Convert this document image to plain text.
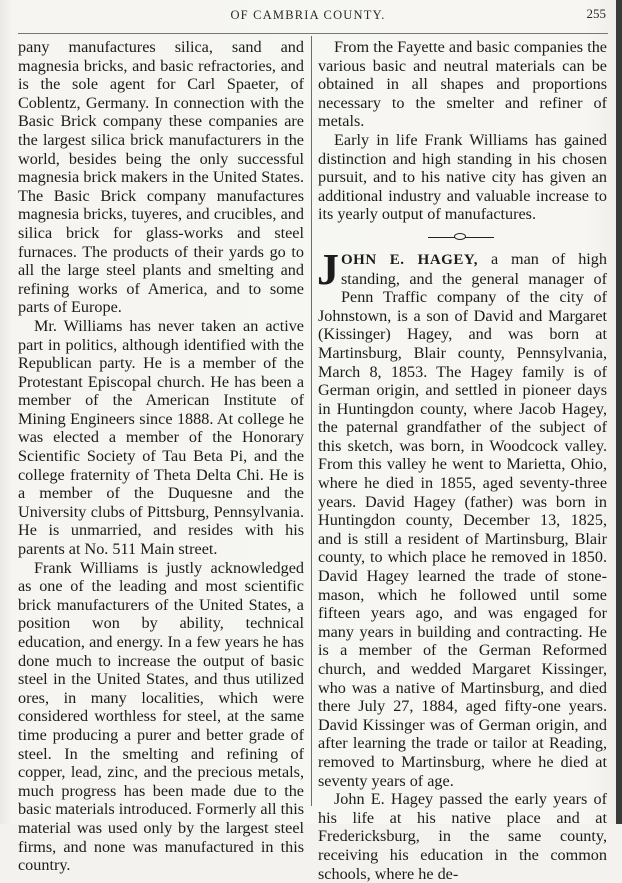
OF CAMBRIA COUNTY.	255

pany manufactures silica, sand and magnesia bricks, and basic refractories, and is the sole agent for Carl Spaeter, of Coblentz, Germany. In connection with the Basic Brick company these companies are the largest silica brick manufacturers in the world, besides being the only successful magnesia brick makers in the United States. The Basic Brick company manufactures magnesia bricks, tuyeres, and crucibles, and silica brick for glass-works and steel furnaces. The products of their yards go to all the large steel plants and smelting and refining works of America, and to some parts of Europe.

Mr. Williams has never taken an active part in politics, although identified with the Republican party. He is a member of the Protestant Episcopal church. He has been a member of the American Institute of Mining Engineers since 1888. At college he was elected a member of the Honorary Scientific Society of Tau Beta Pi, and the college fraternity of Theta Delta Chi. He is a member of the Duquesne and the University clubs of Pittsburg, Pennsylvania. He is unmarried, and resides with his parents at No. 511 Main street.

Frank Williams is justly acknowledged as one of the leading and most scientific brick manufacturers of the United States, a position won by ability, technical education, and energy. In a few years he has done much to increase the output of basic steel in the United States, and thus utilized ores, in many localities, which were considered worthless for steel, at the same time producing a purer and better grade of steel. In the smelting and refining of copper, lead, zinc, and the precious metals, much progress has been made due to the basic materials introduced. Formerly all this material was used only by the largest steel firms, and none was manufactured in this country.

From the Fayette and basic companies the various basic and neutral materials can be obtained in all shapes and proportions necessary to the smelter and refiner of metals.

Early in life Frank Williams has gained distinction and high standing in his chosen pursuit, and to his native city has given an additional industry and valuable increase to its yearly output of manufactures.

JOHN E. HAGEY, a man of high standing, and the general manager of Penn Traffic company of the city of Johnstown, is a son of David and Margaret (Kissinger) Hagey, and was born at Martinsburg, Blair county, Pennsylvania, March 8, 1853. The Hagey family is of German origin, and settled in pioneer days in Huntingdon county, where Jacob Hagey, the paternal grandfather of the subject of this sketch, was born, in Woodcock valley. From this valley he went to Marietta, Ohio, where he died in 1855, aged seventy-three years. David Hagey (father) was born in Huntingdon county, December 13, 1825, and is still a resident of Martinsburg, Blair county, to which place he removed in 1850. David Hagey learned the trade of stone-mason, which he followed until some fifteen years ago, and was engaged for many years in building and contracting. He is a member of the German Reformed church, and wedded Margaret Kissinger, who was a native of Martinsburg, and died there July 27, 1884, aged fifty-one years. David Kissinger was of German origin, and after learning the trade or tailor at Reading, removed to Martinsburg, where he died at seventy years of age.

John E. Hagey passed the early years of his life at his native place and at Fredericksburg, in the same county, receiving his education in the common schools, where he de-
